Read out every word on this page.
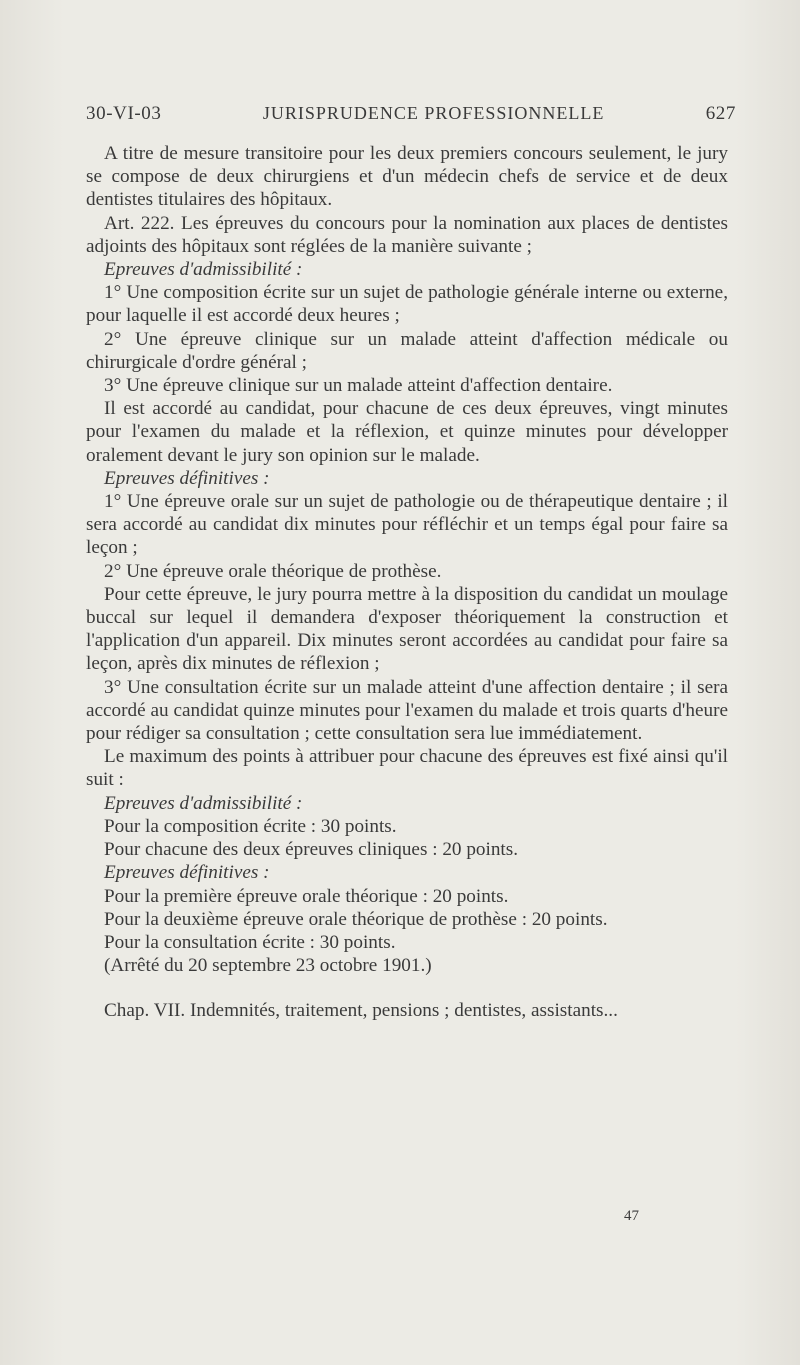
30-VI-03	JURISPRUDENCE PROFESSIONNELLE	627

A titre de mesure transitoire pour les deux premiers concours seulement, le jury se compose de deux chirurgiens et d'un médecin chefs de service et de deux dentistes titulaires des hôpitaux.

Art. 222. Les épreuves du concours pour la nomination aux places de dentistes adjoints des hôpitaux sont réglées de la manière suivante ;

Epreuves d'admissibilité :

1° Une composition écrite sur un sujet de pathologie générale interne ou externe, pour laquelle il est accordé deux heures ;

2° Une épreuve clinique sur un malade atteint d'affection médicale ou chirurgicale d'ordre général ;

3° Une épreuve clinique sur un malade atteint d'affection dentaire.

Il est accordé au candidat, pour chacune de ces deux épreuves, vingt minutes pour l'examen du malade et la réflexion, et quinze minutes pour développer oralement devant le jury son opinion sur le malade.

Epreuves définitives :

1° Une épreuve orale sur un sujet de pathologie ou de thérapeutique dentaire ; il sera accordé au candidat dix minutes pour réfléchir et un temps égal pour faire sa leçon ;

2° Une épreuve orale théorique de prothèse.

Pour cette épreuve, le jury pourra mettre à la disposition du candidat un moulage buccal sur lequel il demandera d'exposer théoriquement la construction et l'application d'un appareil. Dix minutes seront accordées au candidat pour faire sa leçon, après dix minutes de réflexion ;

3° Une consultation écrite sur un malade atteint d'une affection dentaire ; il sera accordé au candidat quinze minutes pour l'examen du malade et trois quarts d'heure pour rédiger sa consultation ; cette consultation sera lue immédiatement.

Le maximum des points à attribuer pour chacune des épreuves est fixé ainsi qu'il suit :

Epreuves d'admissibilité :

Pour la composition écrite : 30 points.

Pour chacune des deux épreuves cliniques : 20 points.

Epreuves définitives :

Pour la première épreuve orale théorique : 20 points.

Pour la deuxième épreuve orale théorique de prothèse : 20 points.

Pour la consultation écrite : 30 points.

(Arrêté du 20 septembre 23 octobre 1901.)

Chap. VII. Indemnités, traitement, pensions ; dentistes, assistants...

47
